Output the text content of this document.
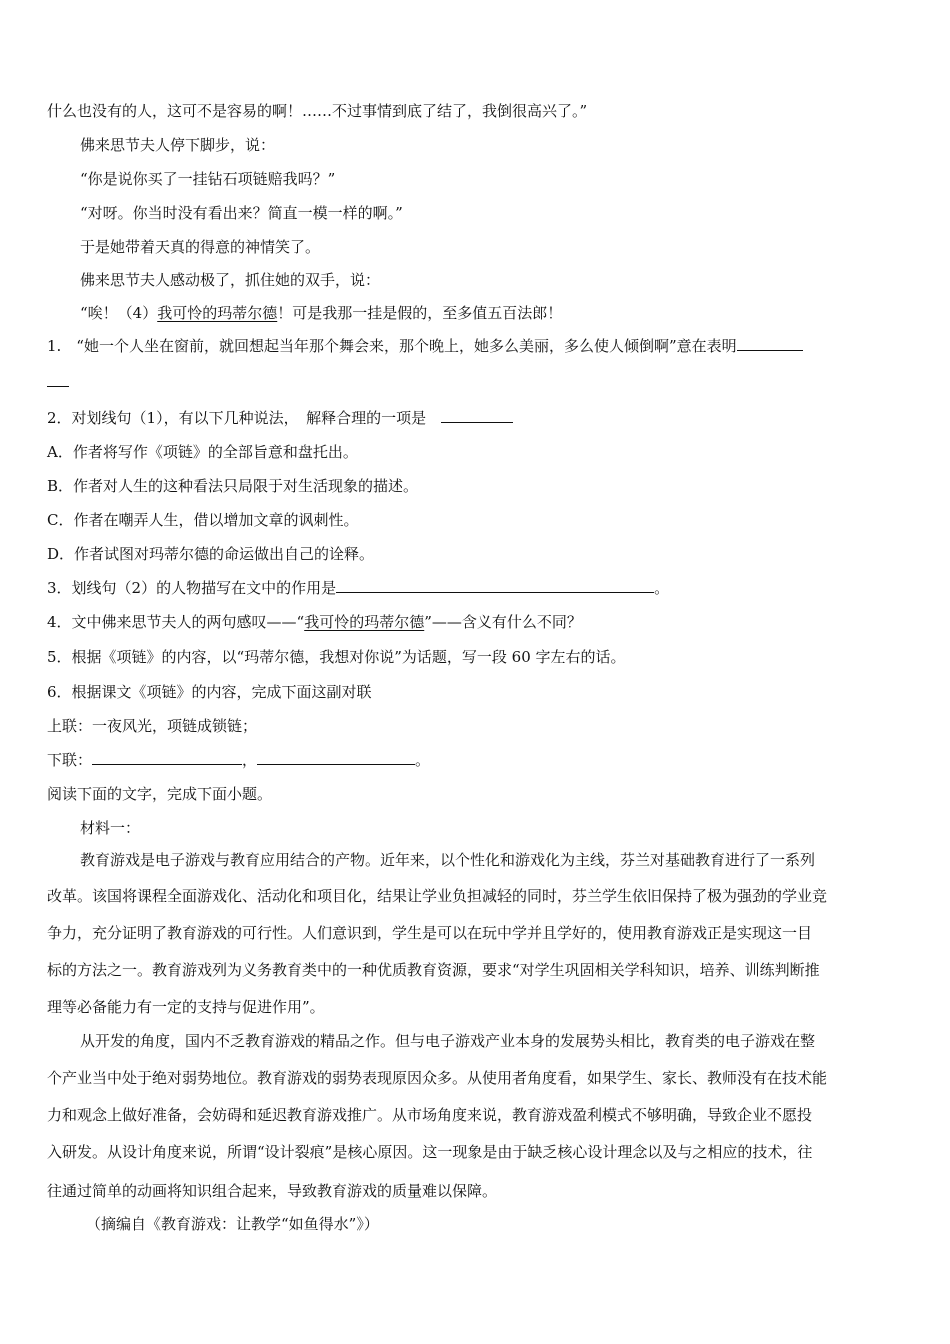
什么也没有的人，这可不是容易的啊！……不过事情到底了结了，我倒很高兴了。”
佛来思节夫人停下脚步，说：
“你是说你买了一挂钻石项链赔我吗？”
“对呀。你当时没有看出来？简直一模一样的啊。”
于是她带着天真的得意的神情笑了。
佛来思节夫人感动极了，抓住她的双手，说：
“唉！（4）我可怜的玛蒂尔德！可是我那一挂是假的，至多值五百法郎！
1.　“她一个人坐在窗前，就回想起当年那个舞会来，那个晚上，她多么美丽，多么使人倾倒啊”意在表明
2．对划线句（1），有以下几种说法，　解释合理的一项是　
A．作者将写作《项链》的全部旨意和盘托出。
B．作者对人生的这种看法只局限于对生活现象的描述。
C．作者在嘲弄人生，借以增加文章的讽刺性。
D．作者试图对玛蒂尔德的命运做出自己的诠释。
3．划线句（2）的人物描写在文中的作用是	。
4．文中佛来思节夫人的两句感叹——“我可怜的玛蒂尔德”——含义有什么不同？
5．根据《项链》的内容，以“玛蒂尔德，我想对你说”为话题，写一段 60 字左右的话。
6．根据课文《项链》的内容，完成下面这副对联
上联：一夜风光，项链成锁链；
下联：	，	。
阅读下面的文字，完成下面小题。
材料一：
教育游戏是电子游戏与教育应用结合的产物。近年来，以个性化和游戏化为主线，芬兰对基础教育进行了一系列
改革。该国将课程全面游戏化、活动化和项目化，结果让学业负担减轻的同时，芬兰学生依旧保持了极为强劲的学业竞
争力，充分证明了教育游戏的可行性。人们意识到，学生是可以在玩中学并且学好的，使用教育游戏正是实现这一目
标的方法之一。教育游戏列为义务教育类中的一种优质教育资源，要求“对学生巩固相关学科知识，培养、训练判断推
理等必备能力有一定的支持与促进作用”。
从开发的角度，国内不乏教育游戏的精品之作。但与电子游戏产业本身的发展势头相比，教育类的电子游戏在整
个产业当中处于绝对弱势地位。教育游戏的弱势表现原因众多。从使用者角度看，如果学生、家长、教师没有在技术能
力和观念上做好准备，会妨碍和延迟教育游戏推广。从市场角度来说，教育游戏盈利模式不够明确，导致企业不愿投
入研发。从设计角度来说，所谓“设计裂痕”是核心原因。这一现象是由于缺乏核心设计理念以及与之相应的技术，往
往通过简单的动画将知识组合起来，导致教育游戏的质量难以保障。
（摘编自《教育游戏：让教学“如鱼得水”》）
